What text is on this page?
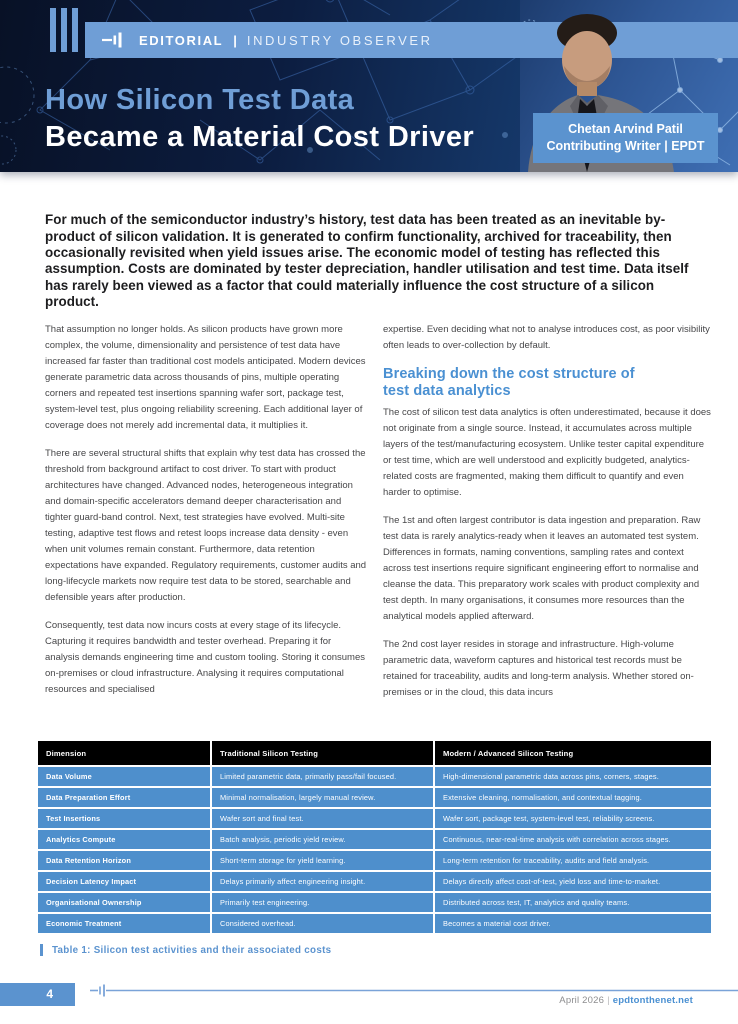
EDITORIAL | INDUSTRY OBSERVER
How Silicon Test Data
Became a Material Cost Driver	Chetan Arvind Patil
Contributing Writer | EPDT

For much of the semiconductor industry’s history, test data has been treated as an inevitable by-product of silicon validation. It is generated to confirm functionality, archived for traceability, then occasionally revisited when yield issues arise. The economic model of testing has reflected this assumption. Costs are dominated by tester depreciation, handler utilisation and test time. Data itself has rarely been viewed as a factor that could materially influence the cost structure of a silicon product.

That assumption no longer holds. As silicon products have grown more complex, the volume, dimensionality and persistence of test data have increased far faster than traditional cost models anticipated. Modern devices generate parametric data across thousands of pins, multiple operating corners and repeated test insertions spanning wafer sort, package test, system-level test, plus ongoing reliability screening. Each additional layer of coverage does not merely add incremental data, it multiplies it.

There are several structural shifts that explain why test data has crossed the threshold from background artifact to cost driver. To start with product architectures have changed. Advanced nodes, heterogeneous integration and domain-specific accelerators demand deeper characterisation and tighter guard-band control. Next, test strategies have evolved. Multi-site testing, adaptive test flows and retest loops increase data density - even when unit volumes remain constant. Furthermore, data retention expectations have expanded. Regulatory requirements, customer audits and long-lifecycle markets now require test data to be stored, searchable and defensible years after production.

Consequently, test data now incurs costs at every stage of its lifecycle. Capturing it requires bandwidth and tester overhead. Preparing it for analysis demands engineering time and custom tooling. Storing it consumes on-premises or cloud infrastructure. Analysing it requires computational resources and specialised

expertise. Even deciding what not to analyse introduces cost, as poor visibility often leads to over-collection by default.

Breaking down the cost structure of test data analytics

The cost of silicon test data analytics is often underestimated, because it does not originate from a single source. Instead, it accumulates across multiple layers of the test/manufacturing ecosystem. Unlike tester capital expenditure or test time, which are well understood and explicitly budgeted, analytics-related costs are fragmented, making them difficult to quantify and even harder to optimise.

The 1st and often largest contributor is data ingestion and preparation. Raw test data is rarely analytics-ready when it leaves an automated test system. Differences in formats, naming conventions, sampling rates and context across test insertions require significant engineering effort to normalise and cleanse the data. This preparatory work scales with product complexity and test depth. In many organisations, it consumes more resources than the analytical models applied afterward.

The 2nd cost layer resides in storage and infrastructure. High-volume parametric data, waveform captures and historical test records must be retained for traceability, audits and long-term analysis. Whether stored on-premises or in the cloud, this data incurs

Dimension	Traditional Silicon Testing	Modern / Advanced Silicon Testing
Data Volume	Limited parametric data, primarily pass/fail focused.	High-dimensional parametric data across pins, corners, stages.
Data Preparation Effort	Minimal normalisation, largely manual review.	Extensive cleaning, normalisation, and contextual tagging.
Test Insertions	Wafer sort and final test.	Wafer sort, package test, system-level test, reliability screens.
Analytics Compute	Batch analysis, periodic yield review.	Continuous, near-real-time analysis with correlation across stages.
Data Retention Horizon	Short-term storage for yield learning.	Long-term retention for traceability, audits and field analysis.
Decision Latency Impact	Delays primarily affect engineering insight.	Delays directly affect cost-of-test, yield loss and time-to-market.
Organisational Ownership	Primarily test engineering.	Distributed across test, IT, analytics and quality teams.
Economic Treatment	Considered overhead.	Becomes a material cost driver.
Table 1: Silicon test activities and their associated costs
4	April 2026 | epdtonthenet.net
